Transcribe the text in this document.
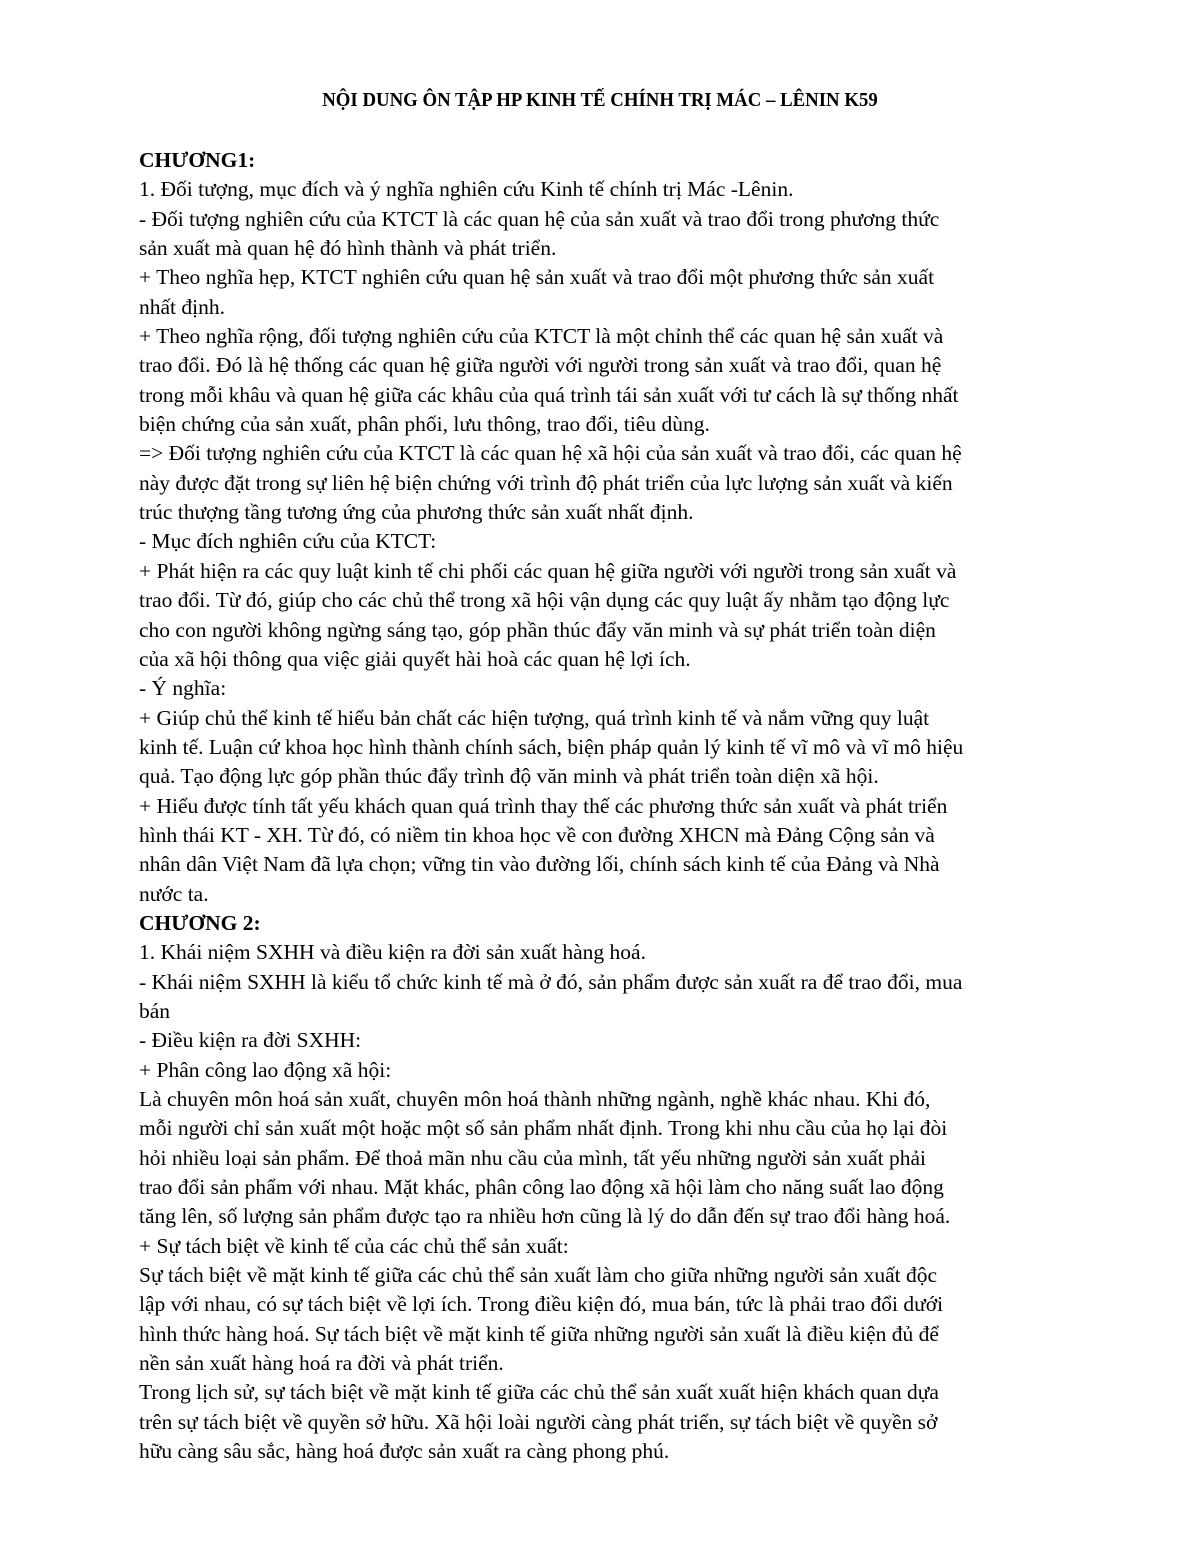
NỘI DUNG ÔN TẬP HP KINH TẾ CHÍNH TRỊ MÁC – LÊNIN K59
CHƯƠNG1:
1. Đối tượng, mục đích và ý nghĩa nghiên cứu Kinh tế chính trị Mác -Lênin.
- Đối tượng nghiên cứu của KTCT là các quan hệ của sản xuất và trao đổi trong phương thức
sản xuất mà quan hệ đó hình thành và phát triển.
+ Theo nghĩa hẹp, KTCT nghiên cứu quan hệ sản xuất và trao đổi một phương thức sản xuất
nhất định.
+ Theo nghĩa rộng, đối tượng nghiên cứu của KTCT là một chỉnh thể các quan hệ sản xuất và
trao đổi. Đó là hệ thống các quan hệ giữa người với người trong sản xuất và trao đổi, quan hệ
trong mỗi khâu và quan hệ giữa các khâu của quá trình tái sản xuất với tư cách là sự thống nhất
biện chứng của sản xuất, phân phối, lưu thông, trao đổi, tiêu dùng.
=> Đối tượng nghiên cứu của KTCT là các quan hệ xã hội của sản xuất và trao đổi, các quan hệ
này được đặt trong sự liên hệ biện chứng với trình độ phát triển của lực lượng sản xuất và kiến
trúc thượng tầng tương ứng của phương thức sản xuất nhất định.
- Mục đích nghiên cứu của KTCT:
+ Phát hiện ra các quy luật kinh tế chi phối các quan hệ giữa người với người trong sản xuất và
trao đổi. Từ đó, giúp cho các chủ thể trong xã hội vận dụng các quy luật ấy nhằm tạo động lực
cho con người không ngừng sáng tạo, góp phần thúc đẩy văn minh và sự phát triển toàn diện
của xã hội thông qua việc giải quyết hài hoà các quan hệ lợi ích.
- Ý nghĩa:
+ Giúp chủ thể kinh tế hiểu bản chất các hiện tượng, quá trình kinh tế và nắm vững quy luật
kinh tế. Luận cứ khoa học hình thành chính sách, biện pháp quản lý kinh tế vĩ mô và vĩ mô hiệu
quả. Tạo động lực góp phần thúc đẩy trình độ văn minh và phát triển toàn diện xã hội.
+ Hiểu được tính tất yếu khách quan quá trình thay thế các phương thức sản xuất và phát triển
hình thái KT - XH. Từ đó, có niềm tin khoa học về con đường XHCN mà Đảng Cộng sản và
nhân dân Việt Nam đã lựa chọn; vững tin vào đường lối, chính sách kinh tế của Đảng và Nhà
nước ta.
CHƯƠNG 2:
1. Khái niệm SXHH và điều kiện ra đời sản xuất hàng hoá.
- Khái niệm SXHH là kiểu tổ chức kinh tế mà ở đó, sản phẩm được sản xuất ra để trao đổi, mua
bán
- Điều kiện ra đời SXHH:
+ Phân công lao động xã hội:
Là chuyên môn hoá sản xuất, chuyên môn hoá thành những ngành, nghề khác nhau. Khi đó,
mỗi người chỉ sản xuất một hoặc một số sản phẩm nhất định. Trong khi nhu cầu của họ lại đòi
hỏi nhiều loại sản phẩm. Để thoả mãn nhu cầu của mình, tất yếu những người sản xuất phải
trao đổi sản phẩm với nhau. Mặt khác, phân công lao động xã hội làm cho năng suất lao động
tăng lên, số lượng sản phẩm được tạo ra nhiều hơn cũng là lý do dẫn đến sự trao đổi hàng hoá.
+ Sự tách biệt về kinh tế của các chủ thể sản xuất:
Sự tách biệt về mặt kinh tế giữa các chủ thể sản xuất làm cho giữa những người sản xuất độc
lập với nhau, có sự tách biệt về lợi ích. Trong điều kiện đó, mua bán, tức là phải trao đổi dưới
hình thức hàng hoá. Sự tách biệt về mặt kinh tế giữa những người sản xuất là điều kiện đủ để
nền sản xuất hàng hoá ra đời và phát triển.
Trong lịch sử, sự tách biệt về mặt kinh tế giữa các chủ thể sản xuất xuất hiện khách quan dựa
trên sự tách biệt về quyền sở hữu. Xã hội loài người càng phát triển, sự tách biệt về quyền sở
hữu càng sâu sắc, hàng hoá được sản xuất ra càng phong phú.
